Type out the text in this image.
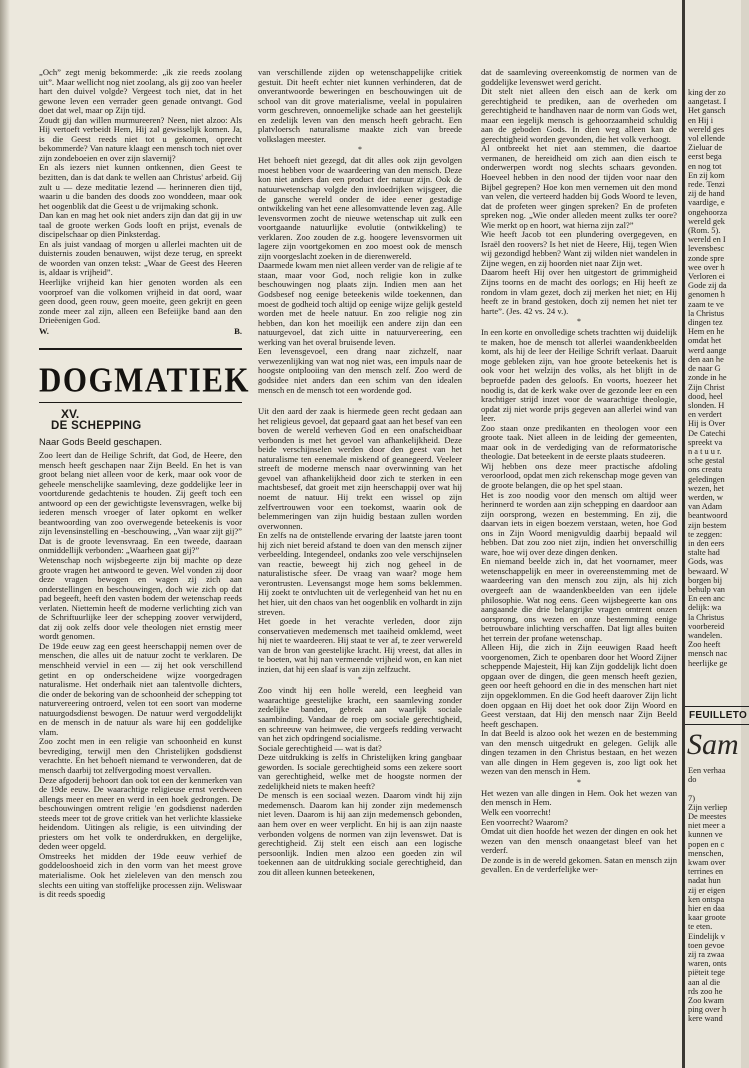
„Och” zegt menig bekommerde: „ik zie reeds zoolang uit”. Maar wellicht nog niet zoolang, als gij zoo van heeler hart den duivel volgde? Vergeest toch niet, dat in het gewone leven een verrader geen genade ontvangt. God doet dat wel, maar op Zijn tijd.

Zoudt gij dan willen murmureeren? Neen, niet alzoo: Als Hij vertoeft verbeidt Hem, Hij zal gewisselijk komen. Ja, is die Geest reeds niet tot u gekomen, oprecht bekommerde? Van nature klaagt een mensch toch niet over zijn zondeboeien en over zijn slavernij?

En als iezers niet kunnen ontkennen, dien Geest te bezitten, dan is dat dank te wellen aan Christus' arbeid. Gij zult u — deze meditatie lezend — herinneren dien tijd, waarin u die banden des doods zoo wonddeen, maar ook het oogenblik dat die Geest u de vrijmaking schonk.

Dan kan en mag het ook niet anders zijn dan dat gij in uw taal de groote werken Gods looft en prijst, evenals de discipelschaar op dien Pinksterdag.

En als juist vandaag of morgen u allerlei machten uit de duisternis zouden benauwen, wijst deze terug, en spreekt de woorden van onzen tekst: „Waar de Geest des Heeren is, aldaar is vrijheid”.

Heerlijke vrijheid kan hier genoten worden als een voorproef van die volkomen vrijheid in dat oord, waar geen dood, geen rouw, geen moeite, geen gekrijt en geen zonde meer zal zijn, alleen een Befeiijke band aan den Drieëenigen God.

W.	B.
DOGMATIEK
XV.
DE SCHEPPING
Naar Gods Beeld geschapen.

Zoo leert dan de Heilige Schrift, dat God, de Heere, den mensch heeft geschapen naar Zijn Beeld. En het is van groot belang niet alleen voor de kerk, maar ook voor de geheele menschelijke saamleving, deze goddelijke leer in voortdurende gedachtenis te houden. Zij geeft toch een antwoord op een der gewichtigste levensvragen, welke bij iederen mensch vroeger of later opkomt en welker beantwoording van zoo overwegende beteekenis is voor zijn levensinstelling en -beschouwing, „Van waar zijt gij?” Dat is de groote levensvraag. En een tweede, daaraan onmiddellijk verbonden: „Waarheen gaat gij?”

Wetenschap noch wijsbegeerte zijn bij machte op deze groote vragen het antwoord te geven. Wel vonden zij door deze vragen bewogen en wagen zij zich aan onderstellingen en beschouwingen, doch wie zich op dat pad begeeft, heeft den vasten bodem der wetenschap reeds verlaten. Niettemin heeft de moderne verlichting zich van de Schriftuurlijke leer der schepping zoover verwijderd, dat zij ook zelfs door vele theologen niet ernstig meer wordt genomen.

De 19de eeuw zag een geest heerschappij nemen over de menschen, die alles uit de natuur zocht te verklaren. De menschheid verviel in een — zij het ook verschillend getint en op onderscheidene wijze voorgedragen naturalisme. Het onderhaik niet aan talentvolle dichters, die onder de bekoring van de schoonheid der schepping tot naturvereering ontroerd, velen tot een soort van moderne natuurgodsdienst bewogen. De natuur werd vergoddelijkt en de mensch in de natuur als ware hij een goddelijke vlam.

Zoo zocht men in een religie van schoonheid en kunst bevrediging, terwijl men den Christelijken godsdienst verachtte. En het behoeft niemand te verwonderen, dat de mensch daarbij tot zelfvergoding moest vervallen.

Deze afgoderij behoort dan ook tot een der kenmerken van de 19de eeuw. De waarachtige religieuse ernst verdween allengs meer en meer en werd in een hoek gedrongen. De beschouwingen omtrent religie 'en godsdienst naderden steeds meer tot de grove critiek van het verlichte klassieke heidendom. Uitingen als religie, is een uitvinding der priesters om het volk te onderdrukken, en dergelijke, deden weer opgeld.

Omstreeks het midden der 19de eeuw verhief de goddelooshoeid zich in den vorm van het meest grove materialisme. Ook het zieleleven van den mensch zou slechts een uiting van stoffelijke processen zijn. Weliswaar is dit reeds spoedig

van verschillende zijden op wetenschappelijke critiek gestuit. Dit heeft echter niet kunnen verhinderen, dat de onverantwoorde beweringen en beschouwingen uit de school van dit grove materialisme, veelal in populairen vorm geschreven, onnoemelijke schade aan het geestelijk en zedelijk leven van den mensch heeft gebracht. Een platvloersch naturalisme maakte zich van breede volkslagen meester.

*

Het behoeft niet gezegd, dat dit alles ook zijn gevolgen moest hebben voor de waardeering van den mensch. Deze kon niet anders dan een product der natuur zijn. Ook de natuurwetenschap volgde den invloedrijken wijsgeer, die de gansche wereld onder de idee eener gestadige ontwikkeling van het eene allesomvattende leven zag. Alle levensvormen zocht de nieuwe wetenschap uit zulk een voortgaande natuurlijke evolutie (ontwikkeling) te verklaren. Zoo zouden de z.g. hoogere levensvormen uit lagere zijn voortgekomen en zoo moest ook de mensch zijn voorgeslacht zoeken in de dierenwereld.

Daarmede kwam men niet alleen verder van de religie af te staan, maar voor God, noch religie kon in zulke beschouwingen nog plaats zijn. Indien men aan het Godsbesef nog eenige beteekenis wilde toekennen, dan moest de godheid toch altijd op eenige wijze gelijk gesteld worden met de heele natuur. En zoo religie nog zin hebben, dan kon het moeilijk een andere zijn dan een natuurgevoel, dat zich uitte in natuurvereering, een werking van het overal bruisende leven.

Een levensgevoel, een drang naar zichzelf, naar verwezenlijking van wat nog niet was, een impuls naar de hoogste ontplooiing van den mensch zelf. Zoo werd de godsidee niet anders dan een schim van den idealen mensch en de mensch tot een wordende god.

*

Uit den aard der zaak is hiermede geen recht gedaan aan het religieus gevoel, dat gepaard gaat aan het besef van een boven de wereld verheven God en een onafscheidbaar verbonden is met het gevoel van afhankelijkheid. Deze beide verschijnselen werden door den geest van het naturalisme ten eenemale miskend of geanegeerd. Veeleer streeft de moderne mensch naar overwinning van het gevoel van afhankelijkheid door zich te sterken in een machtsbesef, dat groeit met zijn heerschappij over wat hij noemt de natuur. Hij trekt een wissel op zijn zelfvertrouwen voor een toekomst, waarin ook de belemmeringen van zijn huidig bestaan zullen worden overwonnen.

En zelfs na de ontstellende ervaring der laatste jaren toont hij zich niet bereid afstand te doen van den mensch zijner verbeelding. Integendeel, ondanks zoo vele verschijnselen van reactie, beweegt hij zich nog geheel in de naturalistische sfeer. De vraag van waar? moge hem verontrusten. Levensangst moge hem soms beklemmen. Hij zoekt te ontvluchten uit de verlegenheid van het nu en het hier, uit den chaos van het oogenblik en volhardt in zijn streven.

Het goede in het verachte verleden, door zijn conservatieven medemensch met taaiheid omklemd, weet hij niet te waardeeren. Hij staat te ver af, te zeer verwereld van de bron van geestelijke kracht. Hij vreest, dat alles in te boeten, wat hij nan vermeende vrijheid won, en kan niet inzien, dat hij een slaaf is van zijn zelfzucht.

*

Zoo vindt hij een holle wereld, een leegheid van waarachtige geestelijke kracht, een saamleving zonder zedelijke banden, gebrek aan waarlijk sociale saambinding. Vandaar de roep om sociale gerechtigheid, en schreeuw van heimwee, die vergeefs redding verwacht van het zich opdringend socialisme.

Sociale gerechtigheid — wat is dat?

Deze uitdrukking is zelfs in Christelijken kring gangbaar geworden. Is sociale gerechtigheid soms een zekere soort van gerechtigheid, welke met de hoogste normen der zedelijkheid niets te maken heeft?

De mensch is een sociaal wezen. Daarom vindt hij zijn medemensch. Daarom kan hij zonder zijn medemensch niet leven. Daarom is hij aan zijn medemensch gebonden, aan hem over en weer verplicht. En hij is aan zijn naaste verbonden volgens de normen van zijn levenswet. Dat is gerechtigheid. Zij stelt een eisch aan een logische persoonlijk. Indien men alzoo een goeden zin wil toekennen aan de uitdrukking sociale gerechtigheid, dan zou dit alleen kunnen beteekenen,

dat de saamleving overeenkomstig de normen van de goddelijke levenswet werd gericht.

Dit stelt niet alleen den eisch aan de kerk om gerechtigheid te prediken, aan de overheden om gerechtigheid te handhaven naar de norm van Gods wet, maar een iegelijk mensch is gehoorzaamheid schuldig aan de geboden Gods. In dien weg alleen kan de gerechtigheid worden gevonden, die het volk verhoogt.

Al ontbreekt het niet aan stemmen, die daartoe vermanen, de hereidheid om zich aan dien eisch te onderwerpen wordt nog slechts schaars gevonden. Hoeveel hebben in den nood der tijden voor naar den Bijbel gegrepen? Hoe kon men vernemen uit den mond van velen, die verteerd hadden bij Gods Woord te leven, dat de profeten weer gingen spreken? En de profeten spreken nog. „Wie onder alleden meent zulks ter oore? Wie merkt op en hoort, wat hierna zijn zal?”

Wie heeft Jacob tot een plundering overgegeven, en Israël den roovers? Is het niet de Heere, Hij, tegen Wien wij gezondigd hebben? Want zij wilden niet wandelen in Zijne wegen, en zij hoorden niet naar Zijn wet.

Daarom heeft Hij over hen uitgestort de grimmigheid Zijns toorns en de macht des oorlogs; en Hij heeft ze rondom in vlam gezet, doch zij merken het niet; en Hij heeft ze in brand gestoken, doch zij nemen het niet ter harte”. (Jes. 42 vs. 24 v.).

*

In een korte en onvolledige schets trachtten wij duidelijk te maken, hoe de mensch tot allerlei waandenkbeelden komt, als hij de leer der Heilige Schrift verlaat. Daaruit moge gebleken zijn, van hoe groote beteekenis het is ook voor het welzijn des volks, als het blijft in de beproefde paden des geloofs. En voorts, hoezeer het noodig is, dat de kerk wake over de gezonde leer en een krachtiger strijd inzet voor de waarachtige theologie, opdat zij niet worde prijs gegeven aan allerlei wind van leer.

Zoo staan onze predikanten en theologen voor een groote taak. Niet alleen in de leiding der gemeenten, maar ook in de verdediging van de reformatorische theologie. Dat beteekent in de eerste plaats studeeren.

Wij hebben ons deze meer practische afdoling veroorlood, opdat men zich rekenschap moge geven van de groote belangen, die op het spel staan.

Het is zoo noodig voor den mensch om altijd weer herinnerd te worden aan zijn schepping en daardoor aan zijn oorsprong, wezen en bestemming. En zij, die daarvan iets in eigen boezem verstaan, weten, hoe God ons in Zijn Woord menigvuldig daarbij bepaald wil hebben. Dat zou zoo niet zijn, indien het onverschillig ware, hoe wij over deze dingen denken.

En niemand beelde zich in, dat het voornamer, meer wetenschappelijk en meer in overeenstemming met de waardeering van den mensch zou zijn, als hij zich overgeeft aan de waandenkbeelden van een ijdele philosophie. Wat nog eens. Geen wijsbegeerte kan ons aangaande die drie belangrijke vragen omtrent onzen oorsprong, ons wezen en onze bestemming eenige betrouwbare inlichting verschaffen. Dat ligt alles buiten het terrein der profane wetenschap.

Alleen Hij, die zich in Zijn eeuwigen Raad heeft voorgenomen, Zich te openbaren door het Woord Zijner scheppende Majesteit, Hij kan Zijn goddelijk licht doen opgaan over de dingen, die geen mensch heeft gezien, geen oor heeft gehoord en die in des menschen hart niet zijn opgeklommen. En die God heeft daarover Zijn licht doen opgaan en Hij doet het ook door Zijn Woord en Geest verstaan, dat Hij den mensch naar Zijn Beeld heeft geschapen.

In dat Beeld is alzoo ook het wezen en de bestemming van den mensch uitgedrukt en gelegen. Gelijk alle dingen tezamen in den Christus bestaan, en het wezen van alle dingen in Hem gegeven is, zoo ligt ook het wezen van den mensch in Hem.

*

Het wezen van alle dingen in Hem. Ook het wezen van den mensch in Hem.

Welk een voorrecht!

Een voorrecht? Waarom?

Omdat uit dien hoofde het wezen der dingen en ook het wezen van den mensch onaangetast bleef van het verderf.

De zonde is in de wereld gekomen. Satan en mensch zijn gevallen. En de verderfelijke wer-

king der zo

aangetast. I

Het gansch

en Hij i

wereld ges

vol ellende

Zieluar de

eerst bega

en nog tot

En zij kom

rede. Tenzi

zij de hand

vaardige, e

ongehoorza

wereld gek

(Rom. 5).

wereld en I

levensbesc

zonde spre

wee over h

Verloren ei

Gode zij da

genomen h

zaam te ve

la Christus

dingen tez

Hem en he

omdat het

werd aange

den aan he

de naar G

zonde in he

Zijn Christ

dood, heel

slonden. H

en verdert

Hij is Over

De Catechi

spreekt va

n a t u u r.

sche gestal

ons creatu

geledingen

wezen, het

werden, w

van Adam

beantwoord

zijn bestem

te zeggen:

in den eers

stalte had

Gods, was

bewaard. W

borgen bij

behulp van

En een anc

delijk: wa

la Christus

voorbereid

wandelen.

Zoo heeft

mensch nac

heerlijke ge

FEUILLETO
Sam

Een verhaa

do

7)

Zijn verliep

De meestes

niet meer a

kunnen ve

popen en c

menschen,

kwam over

terrines en

nadat hun

zij er eigen

ken ontspa

hier en daa

kaar groote

te eten.

Eindelijk v

toen gevoe

zij ra zwaa

waren, onts

piëteit tege

aan al die

rds zoo he

Zoo kwam

ping over h

kere wand
